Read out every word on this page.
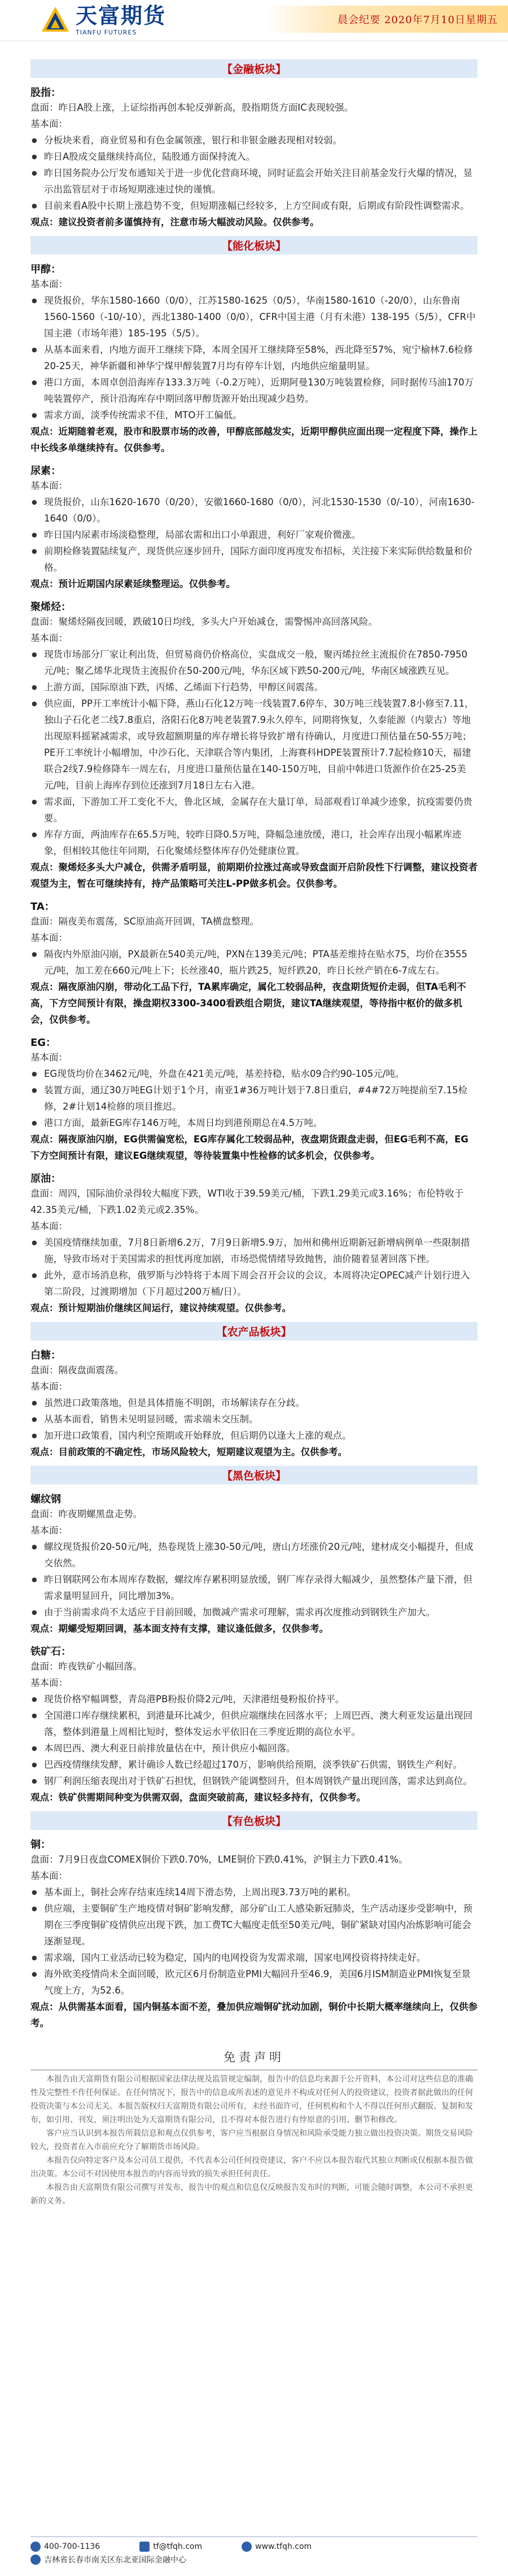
天富期货
TIANFU FUTURES
晨会纪要 2020年7月10日星期五
【金融板块】
股指：

盘面：昨日A股上涨，上证综指再创本轮反弹新高，股指期货方面IC表现较强。

基本面：

● 分板块来看，商业贸易和有色金属领涨，银行和非银金融表现相对较弱。
● 昨日A股成交量继续持高位，陆股通方面保持流入。
● 昨日国务院办公厅发布通知关于进一步优化营商环境，同时证监会开始关注目前基金发行火爆的情况，显示出监管层对于市场短期涨速过快的谨慎。
● 目前来看A股中长期上涨趋势不变，但短期涨幅已经较多，上方空间或有限，后期或有阶段性调整需求。

观点：建议投资者前多谨慎持有，注意市场大幅波动风险。仅供参考。

【能化板块】
甲醇：

基本面：

● 现货报价，华东1580-1660（0/0），江苏1580-1625（0/5），华南1580-1610（-20/0），山东鲁南1560-1560（-10/-10），西北1380-1400（0/0），CFR中国主港（月有未港）138-195（5/5），CFR中国主港（市场年港）185-195（5/5）。
● 从基本面来看，内地方面开工继续下降，本周全国开工继续降至58%，西北降至57%，宛宁榆林7.6检修20-25天，神华新疆和神华宁煤甲醇装置7月均有停车计划，内地供应缩量明显。
● 港口方面，本周卓创沿海库存133.3万吨（-0.2万吨），近期阿曼130万吨装置检修，同时据传马油170万吨装置停产，预计沿海库存中期回落甲醇货源开始出现减少趋势。
● 需求方面，淡季传统需求不佳，MTO开工偏低。

观点：近期随着老观，股市和股票市场的改善，甲醇底部越发实，近期甲醇供应面出现一定程度下降，操作上中长线多单继续持有。仅供参考。

尿素：

基本面：

● 现货报价，山东1620-1670（0/20），安徽1660-1680（0/0），河北1530-1530（0/-10），河南1630-1640（0/0）。
● 昨日国内尿素市场淡稳整理，局部农需和出口小单跟进，利好厂家观价微涨。
● 前期检修装置陆续复产，现货供应逐步回升，国际方面印度再度发布招标，关注接下来实际供给数量和价格。

观点：预计近期国内尿素延续整理运。仅供参考。

聚烯烃：

盘面：聚烯烃隔夜回暖，跌破10日均线，多头大户开始减仓，需警惕冲高回落风险。

基本面：

● 现货市场部分厂家让利出货，但贸易商仍价格高位，实盘成交一般，聚丙烯拉丝主流报价在7850-7950元/吨；聚乙烯华北现货主流报价在50-200元/吨，华东区域下跌50-200元/吨，华南区域涨跌互见。
● 上游方面，国际原油下跌，丙烯、乙烯面下行趋势，甲醇区间震荡。
● 供应面，PP开工率统计小幅下降，燕山石化12万吨一线装置7.6停车，30万吨三线装置7.8小修至7.11，独山子石化老二线7.8重启，洛阳石化8万吨老装置7.9永久停车，同期将恢复，久泰能源（内蒙古）等地出现原料摇紧减需求，或导致超额期量的库存增长将导致扩增有待确认，月度进口预估量在50-55万吨；PE开工率统计小幅增加，中沙石化、天津联合等内集团，上海赛科HDPE装置预计7.7起检修10天，福建联合2线7.9检修降车一周左右，月度进口量预估量在140-150万吨，目前中韩进口货源作价在25-25美元/吨，目前上海库存到位还涨到7月18日左右入港。
● 需求面，下游加工开工变化不大，鲁北区域，金属存在大量订单，局部观看订单减少迹象，抗疫需要仍贵要。
● 库存方面，两油库存在65.5万吨，较昨日降0.5万吨，降幅急速放缓，港口，社会库存出现小幅累库迹象，但相较其他往年同期，石化聚烯烃整体库存仍处健康位置。

观点：聚烯烃多头大户减仓，供需矛盾明显，前期期价拉涨过高或导致盘面开启阶段性下行调整，建议投资者观望为主，暂在可继续持有，持产品策略可关注L-PP做多机会。仅供参考。

TA：

盘面：隔夜美布震荡，SC原油高开回调，TA横盘整理。

基本面：

● 隔夜内外原油闪崩，PX最新在540美元/吨，PXN在139美元/吨；PTA基差维持在贴水75，均价在3555元/吨，加工差在660元/吨上下；长丝涨40，瓶片跌25，短纤跌20，昨日长丝产销在6-7成左右。

观点：隔夜原油闪崩，带动化工品下行，TA累库确定，属化工较弱品种，夜盘期货短价走弱，但TA毛利不高，下方空间预计有限，操盘期权3300-3400看跌组合期货，建议TA继续观望，等待指中枢价的做多机会，仅供参考。

EG：

基本面：

● EG现货均价在3462元/吨，外盘在421美元/吨，基差持稳，贴水09合约90-105元/吨。
● 装置方面，通辽30万吨EG计划于1个月，南亚1#36万吨计划于7.8日重启，#4#72万吨提前至7.15检修，2#计划14检修的项目推迟。
● 港口方面，最新EG库存146万吨，本周日均到港预期总在4.5万吨。

观点：隔夜原油闪崩，EG供需偏宽松，EG库存属化工较弱品种，夜盘期货跟盘走弱，但EG毛利不高，EG下方空间预计有限，建议EG继续观望，等待装置集中性检修的试多机会，仅供参考。

原油：

盘面：周四，国际油价录得较大幅度下跌，WTI收于39.59美元/桶，下跌1.29美元或3.16%；布伦特收于42.35美元/桶，下跌1.02美元或2.35%。

基本面：

● 美国疫情继续加重，7月8日新增6.2万，7月9日新增5.9万，加州和佛州近期新冠新增病例单一些限制措施，导致市场对于美国需求的担忧再度加剧，市场恐慌情绪导致抛售，油价随着显著回落下挫。
● 此外，意市场消息称，俄罗斯与沙特将于本周下周会召开会议的会议，本周将决定OPEC减产计划行进入第二阶段，过渡期增加（下月超过200万桶/日）。

观点：预计短期油价继续区间运行，建议持续观望。仅供参考。

【农产品板块】
白糖：

盘面：隔夜盘面震荡。

基本面：

● 虽然进口政策落地，但是具体措施不明朗，市场解读存在分歧。
● 从基本面看，销售未见明显回暖，需求端未交压制。
● 加开进口政策看，国内利空预期或开始释放，但后期仍以逢大上涨的观点。

观点：目前政策的不确定性，市场风险较大，短期建议观望为主。仅供参考。

【黑色板块】
螺纹钢

盘面：昨夜期螺黑盘走势。

基本面：

● 螺纹现货报价20-50元/吨，热卷现货上涨30-50元/吨，唐山方坯涨价20元/吨，建材成交小幅提升，但成交依然。
● 昨日钢联网公布本周库存数据，螺纹库存累积明显放缓，钢厂库存录得大幅减少，虽然整体产量下滑，但需求量明显回升，同比增加3%。
● 由于当前需求尚不太适应于目前回暖，加微减产需求可理解，需求再次度推动到钢铁生产加大。

观点：期螺受短期回调，基本面支持有支撑，建议逢低做多，仅供参考。

铁矿石：

盘面：昨夜铁矿小幅回落。

基本面：

● 现货价格窄幅调整，青岛港PB粉报价降2元/吨，天津港纽曼粉报价持平。
● 全国港口库存继续累积，到港量环比减少，但供应端继续在回落水平；上周巴西、澳大利亚发运量出现回落，整体到港量上周相比短时，整体发运水平依旧在三季度近期的高位水平。
● 本周巴西、澳大利亚日前排放量估在中，预计供应小幅回落。
● 巴西疫情继续发酵，累计确诊人数已经超过170万，影响供给预期，淡季铁矿石供需，钢铁生产利好。
● 钢厂利润压缩表现出对于铁矿石担忧，但钢铁产能调整回升，但本周钢铁产量出现回落，需求达到高位。

观点：铁矿供需期间种变为供需双弱，盘面突破前高，建议轻多持有，仅供参考。

【有色板块】
铜：

盘面：7月9日夜盘COMEX铜价下跌0.70%，LME铜价下跌0.41%，沪铜主力下跌0.41%。

基本面：

● 基本面上，铜社会库存结束连续14周下滑态势，上周出现3.73万吨的累积。
● 供应端，主要铜矿生产地疫情对铜矿影响发酵，部分矿山工人感染新冠肺炎，生产活动逐步受影响中，预期在三季度铜矿疫情供应出现下跌，加工费TC大幅度走低至50美元/吨，铜矿紧缺对国内冶炼影响可能会逐渐显现。
● 需求端，国内工业活动已较为稳定，国内的电网投资为发需求端，国家电网投资将持续走好。
● 海外欧美疫情尚未全面回暖，欧元区6月份制造业PMI大幅回升至46.9，美国6月ISM制造业PMI恢复至景气度上方，为52.6。

观点：从供需基本面看，国内铜基本面不差，叠加供应端铜矿扰动加剧，铜价中长期大概率继续向上，仅供参考。

免责声明

本报告由天富期货有限公司根据国家法律法规及监管规定编制，报告中的信息均来源于公开资料，本公司对这些信息的准确性及完整性不作任何保证。在任何情况下，报告中的信息或所表述的意见并不构成对任何人的投资建议，投资者据此做出的任何投资决策与本公司无关。本报告版权归天富期货有限公司所有，未经书面许可，任何机构和个人不得以任何形式翻版、复制和发布，如引用、刊发，须注明出处为天富期货有限公司，且不得对本报告进行有悖原意的引用、删节和修改。

客户应当认识到本报告所载信息和观点仅供参考，客户应当根据自身情况和风险承受能力独立做出投资决策。期货交易风险较大，投资者在入市前应充分了解期货市场风险。

本报告仅向特定客户及本公司员工提供，不代表本公司任何投资建议，客户不应以本报告取代其独立判断或仅根据本报告做出决策。本公司不对因使用本报告的内容而导致的损失承担任何责任。

本报告由天富期货有限公司撰写并发布，报告中的观点和信息仅反映报告发布时的判断，可能会随时调整，本公司不承担更新的义务。

400-700-1136	tf@tfqh.com	www.tfqh.com
吉林省长春市南关区东北亚国际金融中心
